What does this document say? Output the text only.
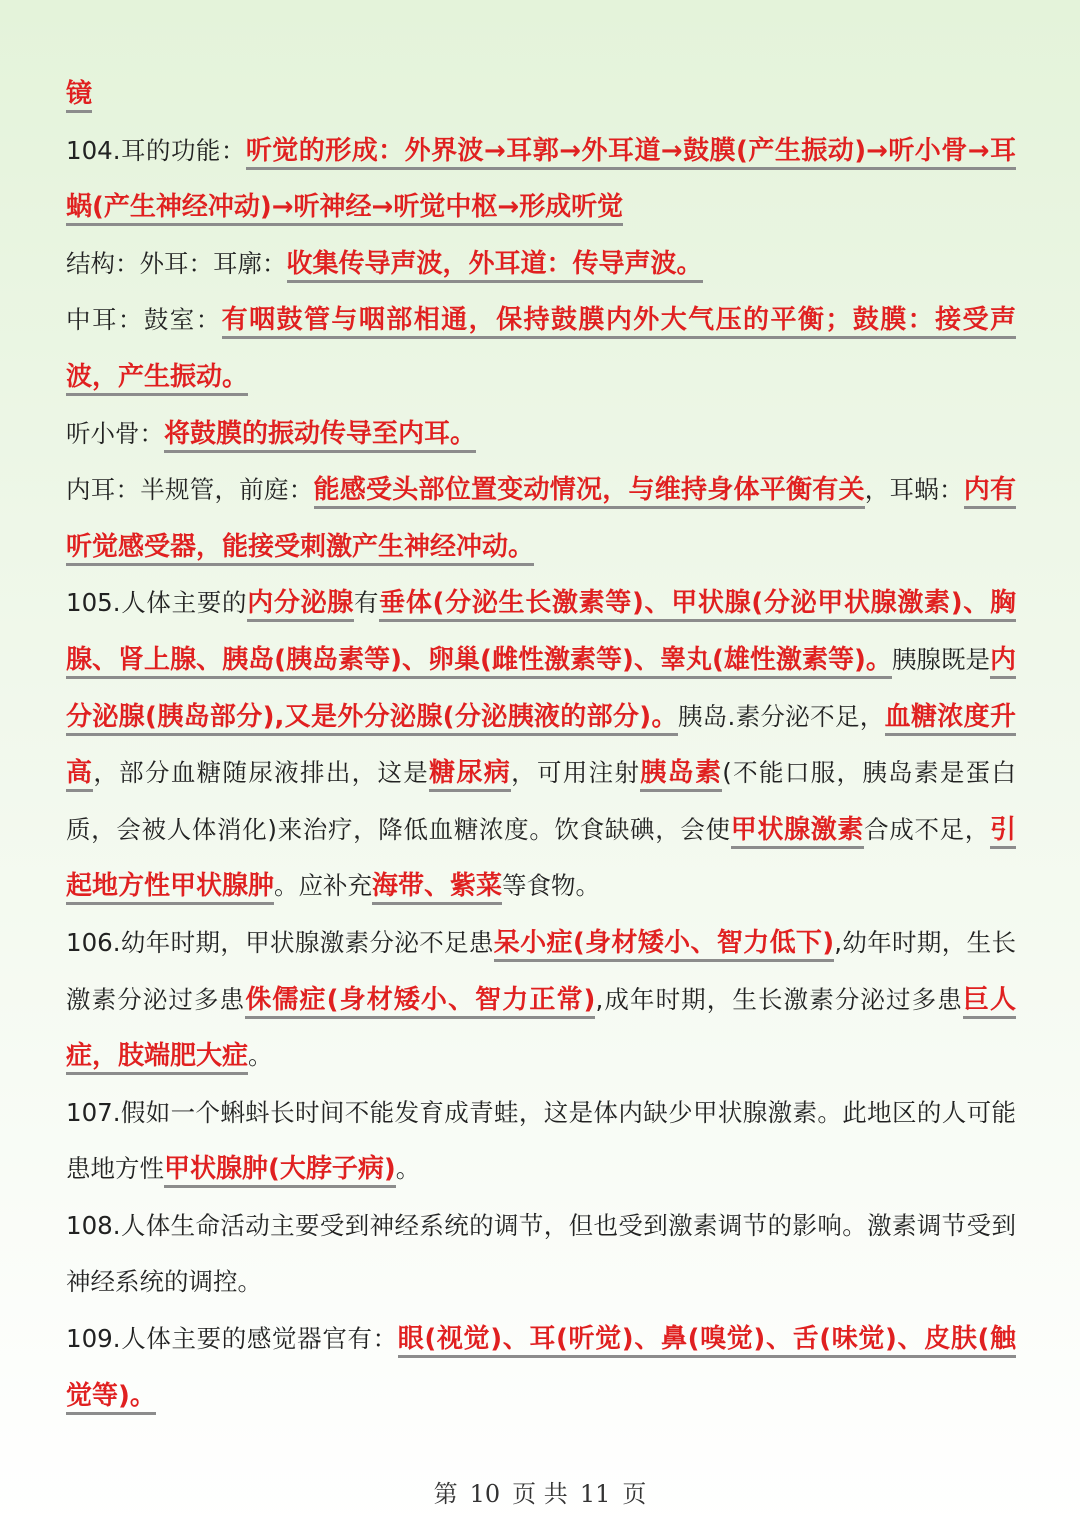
镜

104.耳的功能：听觉的形成：外界波→耳郭→外耳道→鼓膜(产生振动)→听小骨→耳蜗(产生神经冲动)→听神经→听觉中枢→形成听觉

结构：外耳：耳廓：收集传导声波，外耳道：传导声波。

中耳：鼓室：有咽鼓管与咽部相通，保持鼓膜内外大气压的平衡；鼓膜：接受声波，产生振动。

听小骨：将鼓膜的振动传导至内耳。

内耳：半规管，前庭：能感受头部位置变动情况，与维持身体平衡有关，耳蜗：内有听觉感受器，能接受刺激产生神经冲动。

105.人体主要的内分泌腺有垂体(分泌生长激素等)、甲状腺(分泌甲状腺激素)、胸腺、肾上腺、胰岛(胰岛素等)、卵巢(雌性激素等)、睾丸(雄性激素等)。胰腺既是内分泌腺(胰岛部分),又是外分泌腺(分泌胰液的部分)。胰岛.素分泌不足，血糖浓度升高，部分血糖随尿液排出，这是糖尿病，可用注射胰岛素(不能口服，胰岛素是蛋白质，会被人体消化)来治疗，降低血糖浓度。饮食缺碘，会使甲状腺激素合成不足，引起地方性甲状腺肿。应补充海带、紫菜等食物。

106.幼年时期，甲状腺激素分泌不足患呆小症(身材矮小、智力低下),幼年时期，生长激素分泌过多患侏儒症(身材矮小、智力正常),成年时期，生长激素分泌过多患巨人症，肢端肥大症。

107.假如一个蝌蚪长时间不能发育成青蛙，这是体内缺少甲状腺激素。此地区的人可能患地方性甲状腺肿(大脖子病)。

108.人体生命活动主要受到神经系统的调节，但也受到激素调节的影响。激素调节受到神经系统的调控。

109.人体主要的感觉器官有：眼(视觉)、耳(听觉)、鼻(嗅觉)、舌(味觉)、皮肤(触觉等)。

第 10 页 共 11 页
